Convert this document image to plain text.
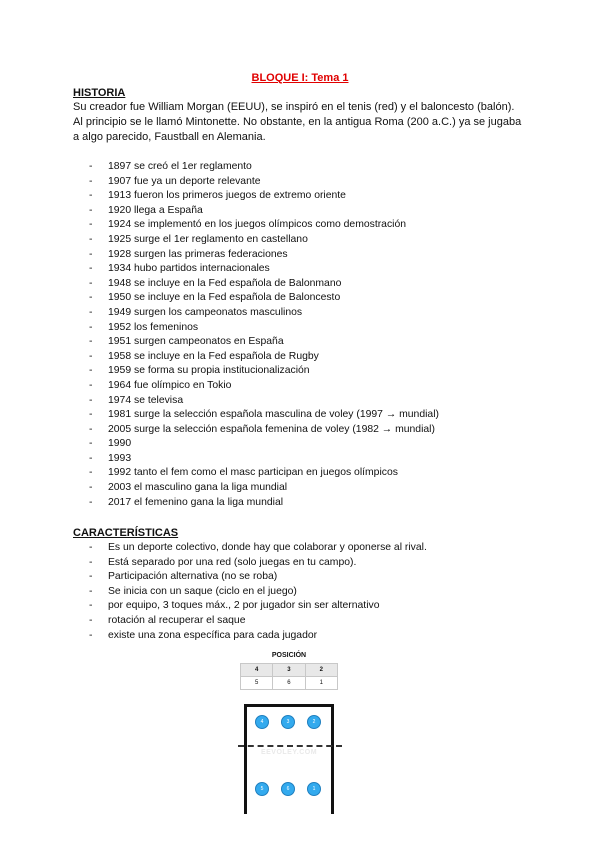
BLOQUE I: Tema 1
HISTORIA
Su creador fue William Morgan (EEUU), se inspiró en el tenis (red) y el baloncesto (balón).
Al principio se le llamó Mintonette. No obstante, en la antigua Roma (200 a.C.) ya se jugaba
a algo parecido, Faustball en Alemania.
- 1897 se creó el 1er reglamento
- 1907 fue ya un deporte relevante
- 1913 fueron los primeros juegos de extremo oriente
- 1920 llega a España
- 1924 se implementó en los juegos olímpicos como demostración
- 1925 surge el 1er reglamento en castellano
- 1928 surgen las primeras federaciones
- 1934 hubo partidos internacionales
- 1948 se incluye en la Fed española de Balonmano
- 1950 se incluye en la Fed española de Baloncesto
- 1949 surgen los campeonatos masculinos
- 1952 los femeninos
- 1951 surgen campeonatos en España
- 1958 se incluye en la Fed española de Rugby
- 1959 se forma su propia institucionalización
- 1964 fue olímpico en Tokio
- 1974 se televisa
- 1981 surge la selección española masculina de voley (1997 → mundial)
- 2005 surge la selección española femenina de voley (1982 → mundial)
- 1990
- 1993
- 1992 tanto el fem como el masc participan en juegos olímpicos
- 2003 el masculino gana la liga mundial
- 2017 el femenino gana la liga mundial
CARACTERÍSTICAS
- Es un deporte colectivo, donde hay que colaborar y oponerse al rival.
- Está separado por una red (solo juegas en tu campo).
- Participación alternativa (no se roba)
- Se inicia con un saque (ciclo en el juego)
- por equipo, 3 toques máx., 2 por jugador sin ser alternativo
- rotación al recuperar el saque
- existe una zona específica para cada jugador
POSICIÓN		
4	3	2
5	6	1
EEVOLEY.COM
4	3	2
5	6	1
